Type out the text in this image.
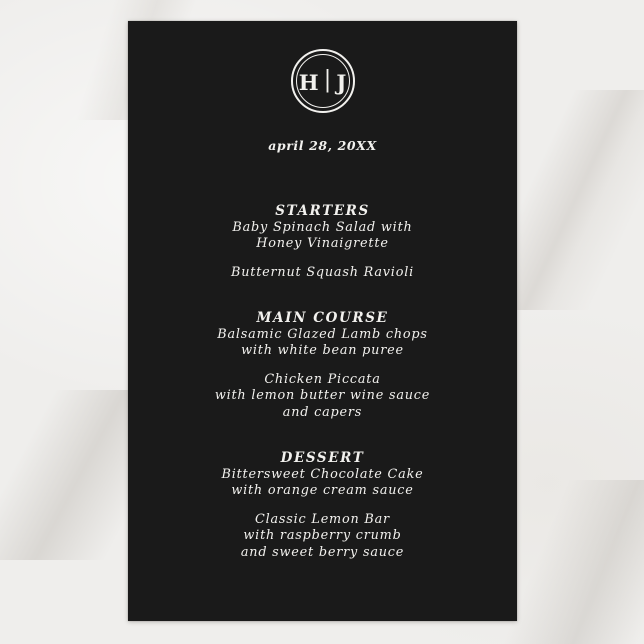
H | J
april 28, 20XX
STARTERS
Baby Spinach Salad with
Honey Vinaigrette
Butternut Squash Ravioli
MAIN COURSE
Balsamic Glazed Lamb chops
with white bean puree
Chicken Piccata
with lemon butter wine sauce
and capers
DESSERT
Bittersweet Chocolate Cake
with orange cream sauce
Classic Lemon Bar
with raspberry crumb
and sweet berry sauce
